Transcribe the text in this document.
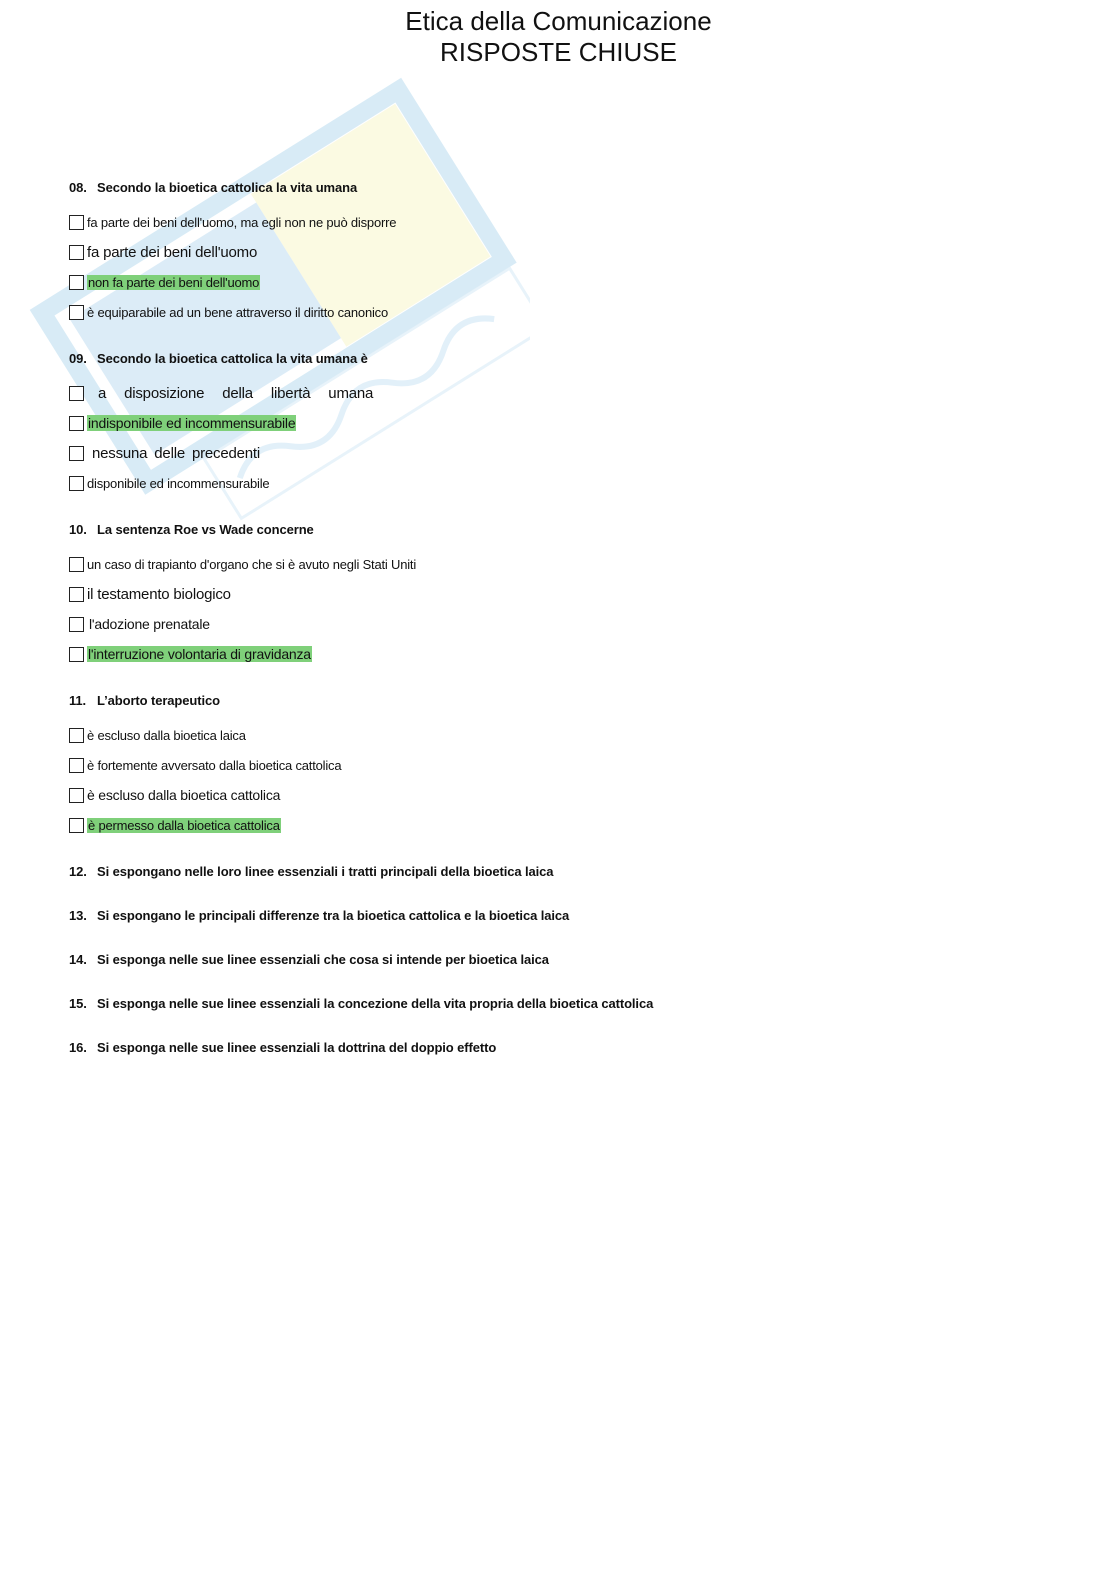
Etica della Comunicazione
RISPOSTE CHIUSE
08. Secondo la bioetica cattolica la vita umana
fa parte dei beni dell'uomo, ma egli non ne può disporre
fa parte dei beni dell'uomo
non fa parte dei beni dell'uomo
è equiparabile ad un bene attraverso il diritto canonico
09. Secondo la bioetica cattolica la vita umana è
a disposizione della libertà umana
indisponibile ed incommensurabile
nessuna delle precedenti
disponibile ed incommensurabile
10. La sentenza Roe vs Wade concerne
un caso di trapianto d'organo che si è avuto negli Stati Uniti
il testamento biologico
l'adozione prenatale
l'interruzione volontaria di gravidanza
11. L’aborto terapeutico
è escluso dalla bioetica laica
è fortemente avversato dalla bioetica cattolica
è escluso dalla bioetica cattolica
è permesso dalla bioetica cattolica
12. Si espongano nelle loro linee essenziali i tratti principali della bioetica laica
13. Si espongano le principali differenze tra la bioetica cattolica e la bioetica laica
14. Si esponga nelle sue linee essenziali che cosa si intende per bioetica laica
15. Si esponga nelle sue linee essenziali la concezione della vita propria della bioetica cattolica
16. Si esponga nelle sue linee essenziali la dottrina del doppio effetto
